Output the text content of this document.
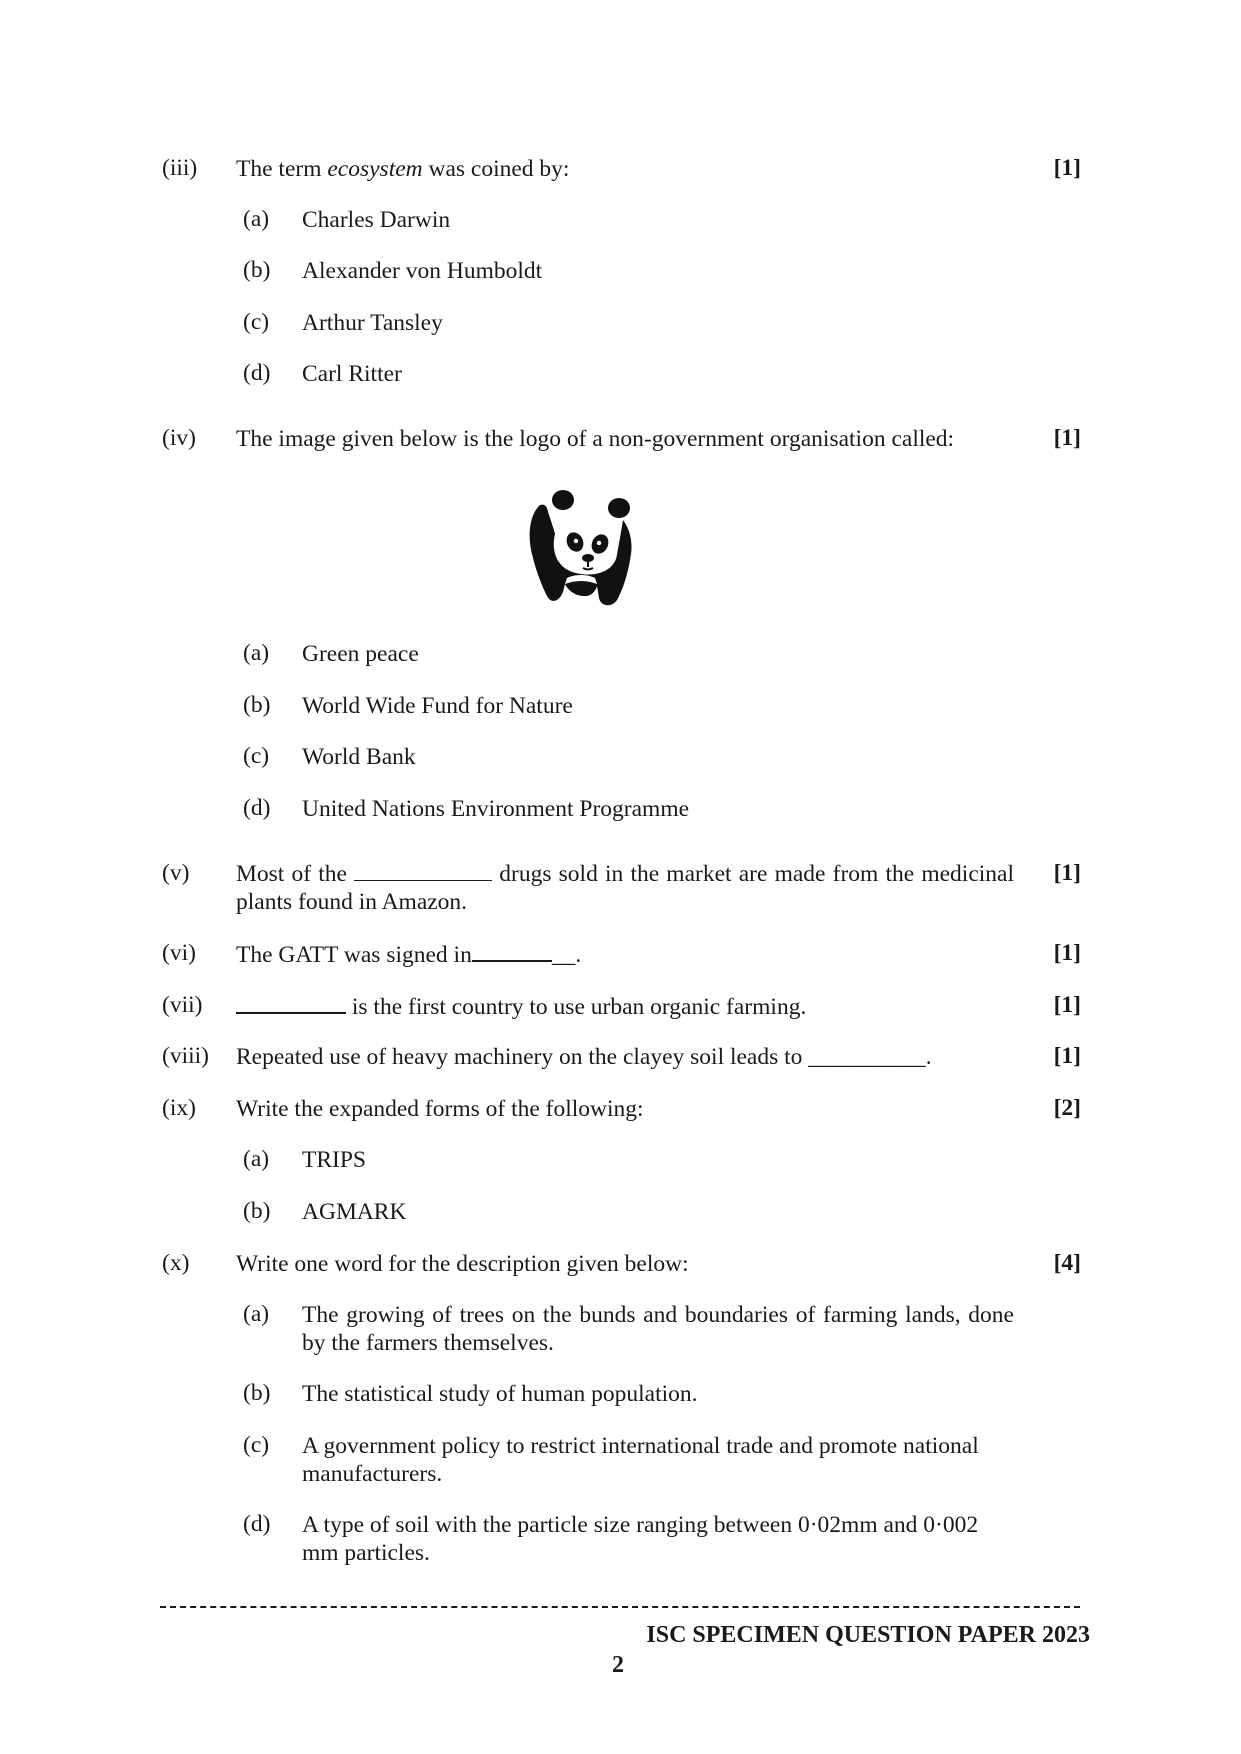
(iii) The term ecosystem was coined by:	[1]
(a) Charles Darwin
(b) Alexander von Humboldt
(c) Arthur Tansley
(d) Carl Ritter
(iv) The image given below is the logo of a non-government organisation called:	[1]
(a) Green peace
(b) World Wide Fund for Nature
(c) World Bank
(d) United Nations Environment Programme
(v) Most of the	drugs sold in the market are made from the medicinal plants found in Amazon.
[1]
(vi) The GATT was signed in	__.	[1]
(vii)	is the first country to use urban organic farming.	[1]
(viii) Repeated use of heavy machinery on the clayey soil leads to __________.	[1]
(ix) Write the expanded forms of the following:	[2]
(a) TRIPS
(b) AGMARK
(x) Write one word for the description given below:	[4]
(a) The growing of trees on the bunds and boundaries of farming lands, done by the farmers themselves.
(b) The statistical study of human population.
(c) A government policy to restrict international trade and promote national manufacturers.
(d) A type of soil with the particle size ranging between 0·02mm and 0·002 mm particles.
ISC SPECIMEN QUESTION PAPER 2023
2
